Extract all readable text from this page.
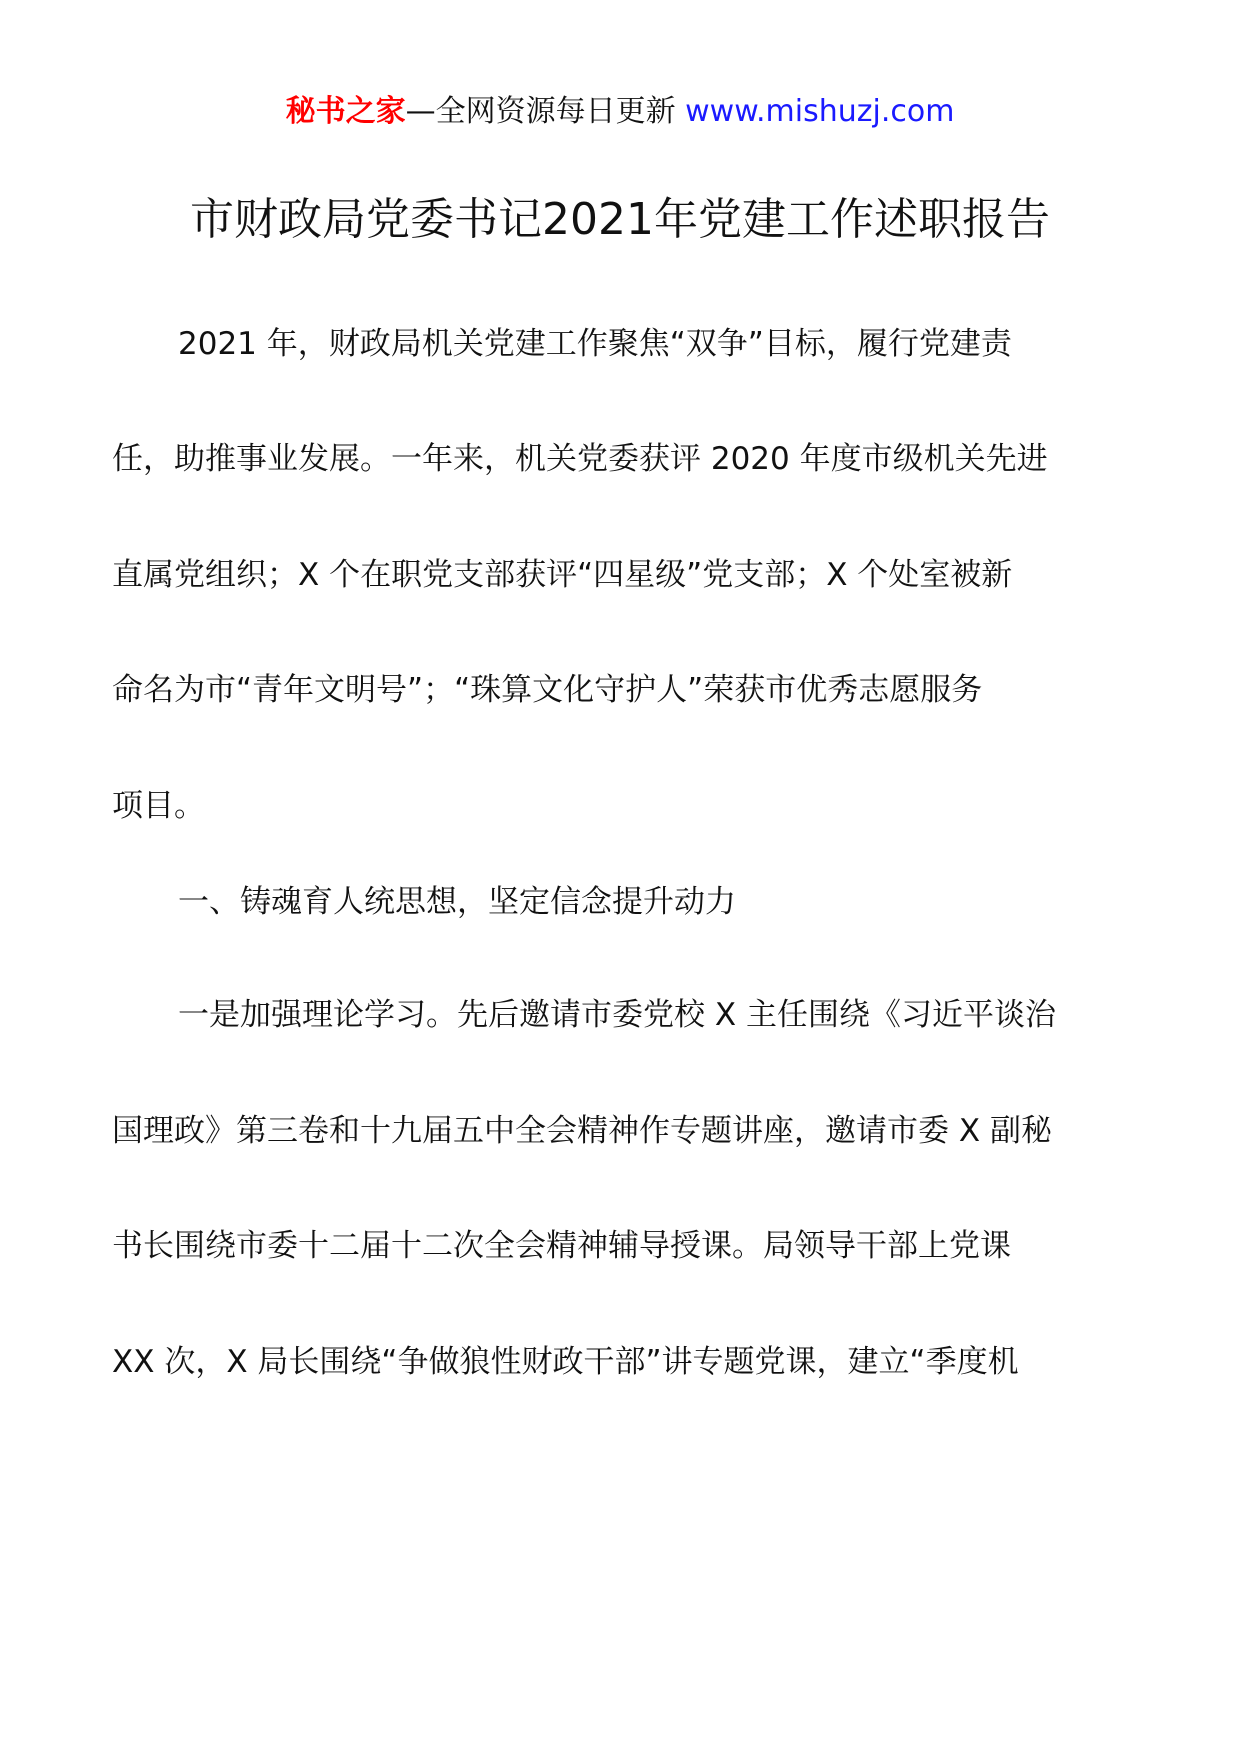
秘书之家—全网资源每日更新 www.mishuzj.com
市财政局党委书记2021年党建工作述职报告
2021 年，财政局机关党建工作聚焦“双争”目标，履行党建责
任，助推事业发展。一年来，机关党委获评 2020 年度市级机关先进
直属党组织；X 个在职党支部获评“四星级”党支部；X 个处室被新
命名为市“青年文明号”；“珠算文化守护人”荣获市优秀志愿服务
项目。
一、铸魂育人统思想，坚定信念提升动力
一是加强理论学习。先后邀请市委党校 X 主任围绕《习近平谈治
国理政》第三卷和十九届五中全会精神作专题讲座，邀请市委 X 副秘
书长围绕市委十二届十二次全会精神辅导授课。局领导干部上党课
XX 次，X 局长围绕“争做狼性财政干部”讲专题党课，建立“季度机
